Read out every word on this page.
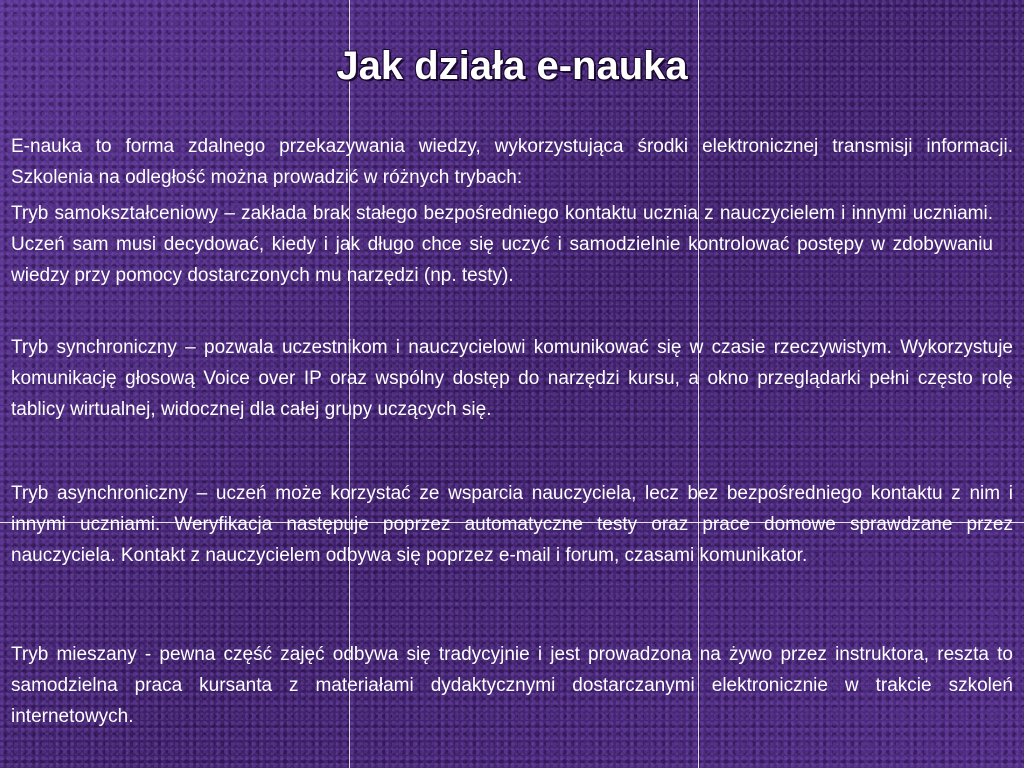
Jak działa e-nauka
E-nauka to forma zdalnego przekazywania wiedzy, wykorzystująca środki elektronicznej transmisji informacji. Szkolenia na odległość można prowadzić w różnych trybach:
Tryb samokształceniowy – zakłada brak stałego bezpośredniego kontaktu ucznia z nauczycielem i innymi uczniami. Uczeń sam musi decydować, kiedy i jak długo chce się uczyć i samodzielnie kontrolować postępy w zdobywaniu wiedzy przy pomocy dostarczonych mu narzędzi (np. testy).
Tryb synchroniczny – pozwala uczestnikom i nauczycielowi komunikować się w czasie rzeczywistym. Wykorzystuje komunikację głosową Voice over IP oraz wspólny dostęp do narzędzi kursu, a okno przeglądarki pełni często rolę tablicy wirtualnej, widocznej dla całej grupy uczących się.
Tryb asynchroniczny – uczeń może korzystać ze wsparcia nauczyciela, lecz bez bezpośredniego kontaktu z nim i innymi uczniami. Weryfikacja następuje poprzez automatyczne testy oraz prace domowe sprawdzane przez nauczyciela. Kontakt z nauczycielem odbywa się poprzez e-mail i forum, czasami komunikator.
Tryb mieszany - pewna część zajęć odbywa się tradycyjnie i jest prowadzona na żywo przez instruktora, reszta to samodzielna praca kursanta z materiałami dydaktycznymi dostarczanymi elektronicznie w trakcie szkoleń internetowych.
